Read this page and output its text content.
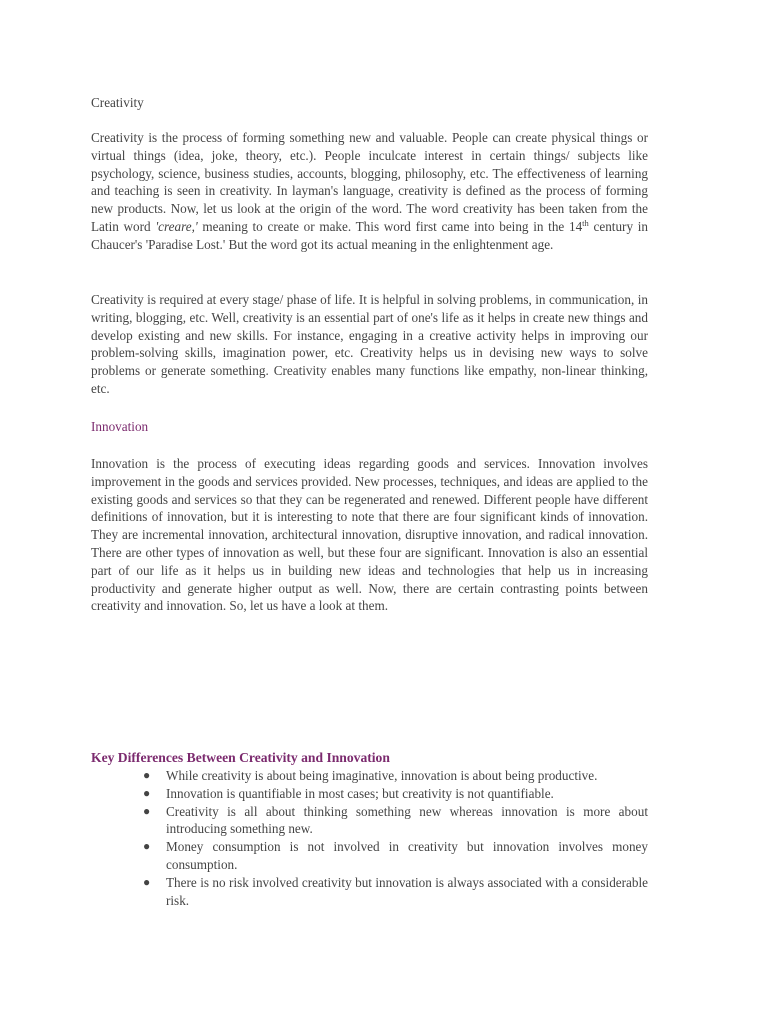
Creativity

Creativity is the process of forming something new and valuable. People can create physical things or virtual things (idea, joke, theory, etc.). People inculcate interest in certain things/ subjects like psychology, science, business studies, accounts, blogging, philosophy, etc. The effectiveness of learning and teaching is seen in creativity. In layman's language, creativity is defined as the process of forming new products. Now, let us look at the origin of the word. The word creativity has been taken from the Latin word 'creare,' meaning to create or make. This word first came into being in the 14th century in Chaucer's 'Paradise Lost.' But the word got its actual meaning in the enlightenment age.

Creativity is required at every stage/ phase of life. It is helpful in solving problems, in communication, in writing, blogging, etc. Well, creativity is an essential part of one's life as it helps in create new things and develop existing and new skills. For instance, engaging in a creative activity helps in improving our problem-solving skills, imagination power, etc. Creativity helps us in devising new ways to solve problems or generate something. Creativity enables many functions like empathy, non-linear thinking, etc.

Innovation

Innovation is the process of executing ideas regarding goods and services. Innovation involves improvement in the goods and services provided. New processes, techniques, and ideas are applied to the existing goods and services so that they can be regenerated and renewed. Different people have different definitions of innovation, but it is interesting to note that there are four significant kinds of innovation. They are incremental innovation, architectural innovation, disruptive innovation, and radical innovation. There are other types of innovation as well, but these four are significant. Innovation is also an essential part of our life as it helps us in building new ideas and technologies that help us in increasing productivity and generate higher output as well. Now, there are certain contrasting points between creativity and innovation. So, let us have a look at them.

Key Differences Between Creativity and Innovation
● While creativity is about being imaginative, innovation is about being productive.
● Innovation is quantifiable in most cases; but creativity is not quantifiable.
● Creativity is all about thinking something new whereas innovation is more about introducing something new.
● Money consumption is not involved in creativity but innovation involves money consumption.
● There is no risk involved creativity but innovation is always associated with a considerable risk.
